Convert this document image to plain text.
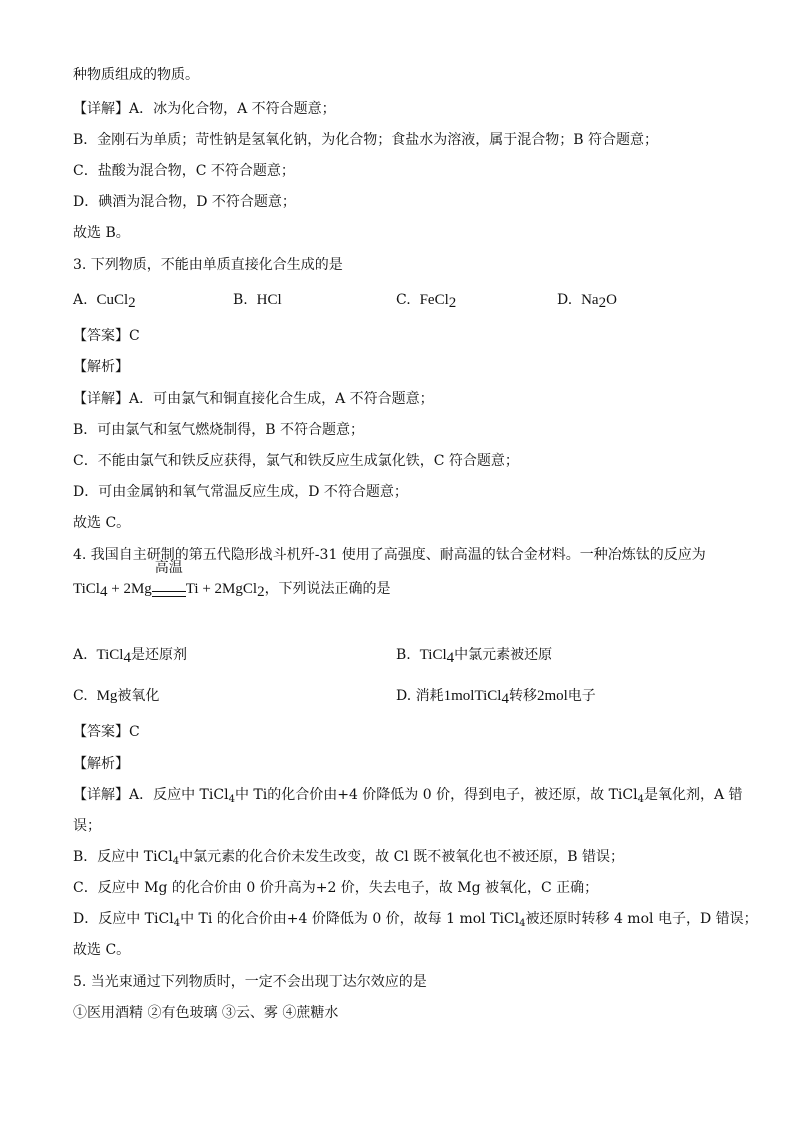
种物质组成的物质。
【详解】A．冰为化合物，A 不符合题意；
B．金刚石为单质；苛性钠是氢氧化钠，为化合物；食盐水为溶液，属于混合物；B 符合题意；
C．盐酸为混合物，C 不符合题意；
D．碘酒为混合物，D 不符合题意；
故选 B。
3. 下列物质，不能由单质直接化合生成的是
A. CuCl$_2$	B. HCl	C. FeCl$_2$	D. $Na_2O$
【答案】C
【解析】
【详解】A．可由氯气和铜直接化合生成，A 不符合题意；
B．可由氯气和氢气燃烧制得，B 不符合题意；
C．不能由氯气和铁反应获得，氯气和铁反应生成氯化铁，C 符合题意；
D．可由金属钠和氧气常温反应生成，D 不符合题意；
故选 C。
4. 我国自主研制的第五代隐形战斗机歼-31 使用了高强度、耐高温的钛合金材料。一种冶炼钛的反应为
TiCl$_4$ + 2Mg
高温
Ti + 2MgCl$_2$，下列说法正确的是
A. TiCl$_4$是还原剂	B. TiCl$_4$中氯元素被还原
C. Mg被氧化	D. 消耗1molTiCl$_4$转移2mol电子
【答案】C
【解析】
【详解】A．反应中 TiCl$_4$中 Ti的化合价由+4 价降低为 0 价，得到电子，被还原，故 TiCl$_4$是氧化剂，A 错
误；
B．反应中 TiCl$_4$中氯元素的化合价未发生改变，故 Cl 既不被氧化也不被还原，B 错误；
C．反应中 Mg 的化合价由 0 价升高为+2 价，失去电子，故 Mg 被氧化，C 正确；
D．反应中 TiCl$_4$中 Ti 的化合价由+4 价降低为 0 价，故每 1 mol TiCl$_4$被还原时转移 4 mol 电子，D 错误；
故选 C。
5. 当光束通过下列物质时，一定不会出现丁达尔效应的是
①医用酒精 ②有色玻璃 ③云、雾 ④蔗糖水
